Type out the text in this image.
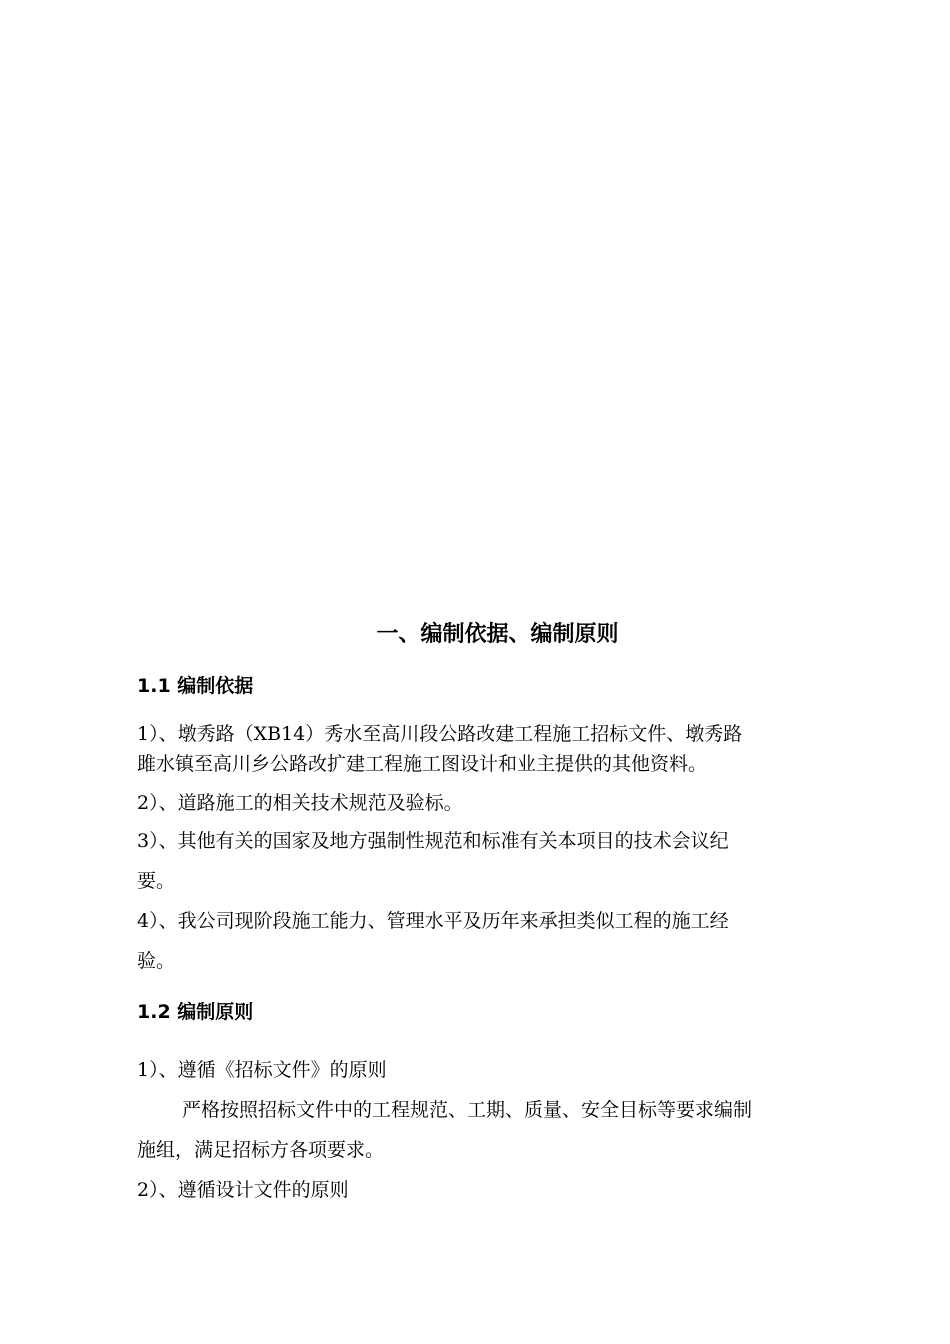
一、编制依据、编制原则
1.1 编制依据
1）、墩秀路（XB14）秀水至高川段公路改建工程施工招标文件、墩秀路
雎水镇至高川乡公路改扩建工程施工图设计和业主提供的其他资料。
2）、道路施工的相关技术规范及验标。
3）、其他有关的国家及地方强制性规范和标准有关本项目的技术会议纪
要。
4）、我公司现阶段施工能力、管理水平及历年来承担类似工程的施工经
验。
1.2 编制原则
1）、遵循《招标文件》的原则
严格按照招标文件中的工程规范、工期、质量、安全目标等要求编制
施组，满足招标方各项要求。
2）、遵循设计文件的原则
